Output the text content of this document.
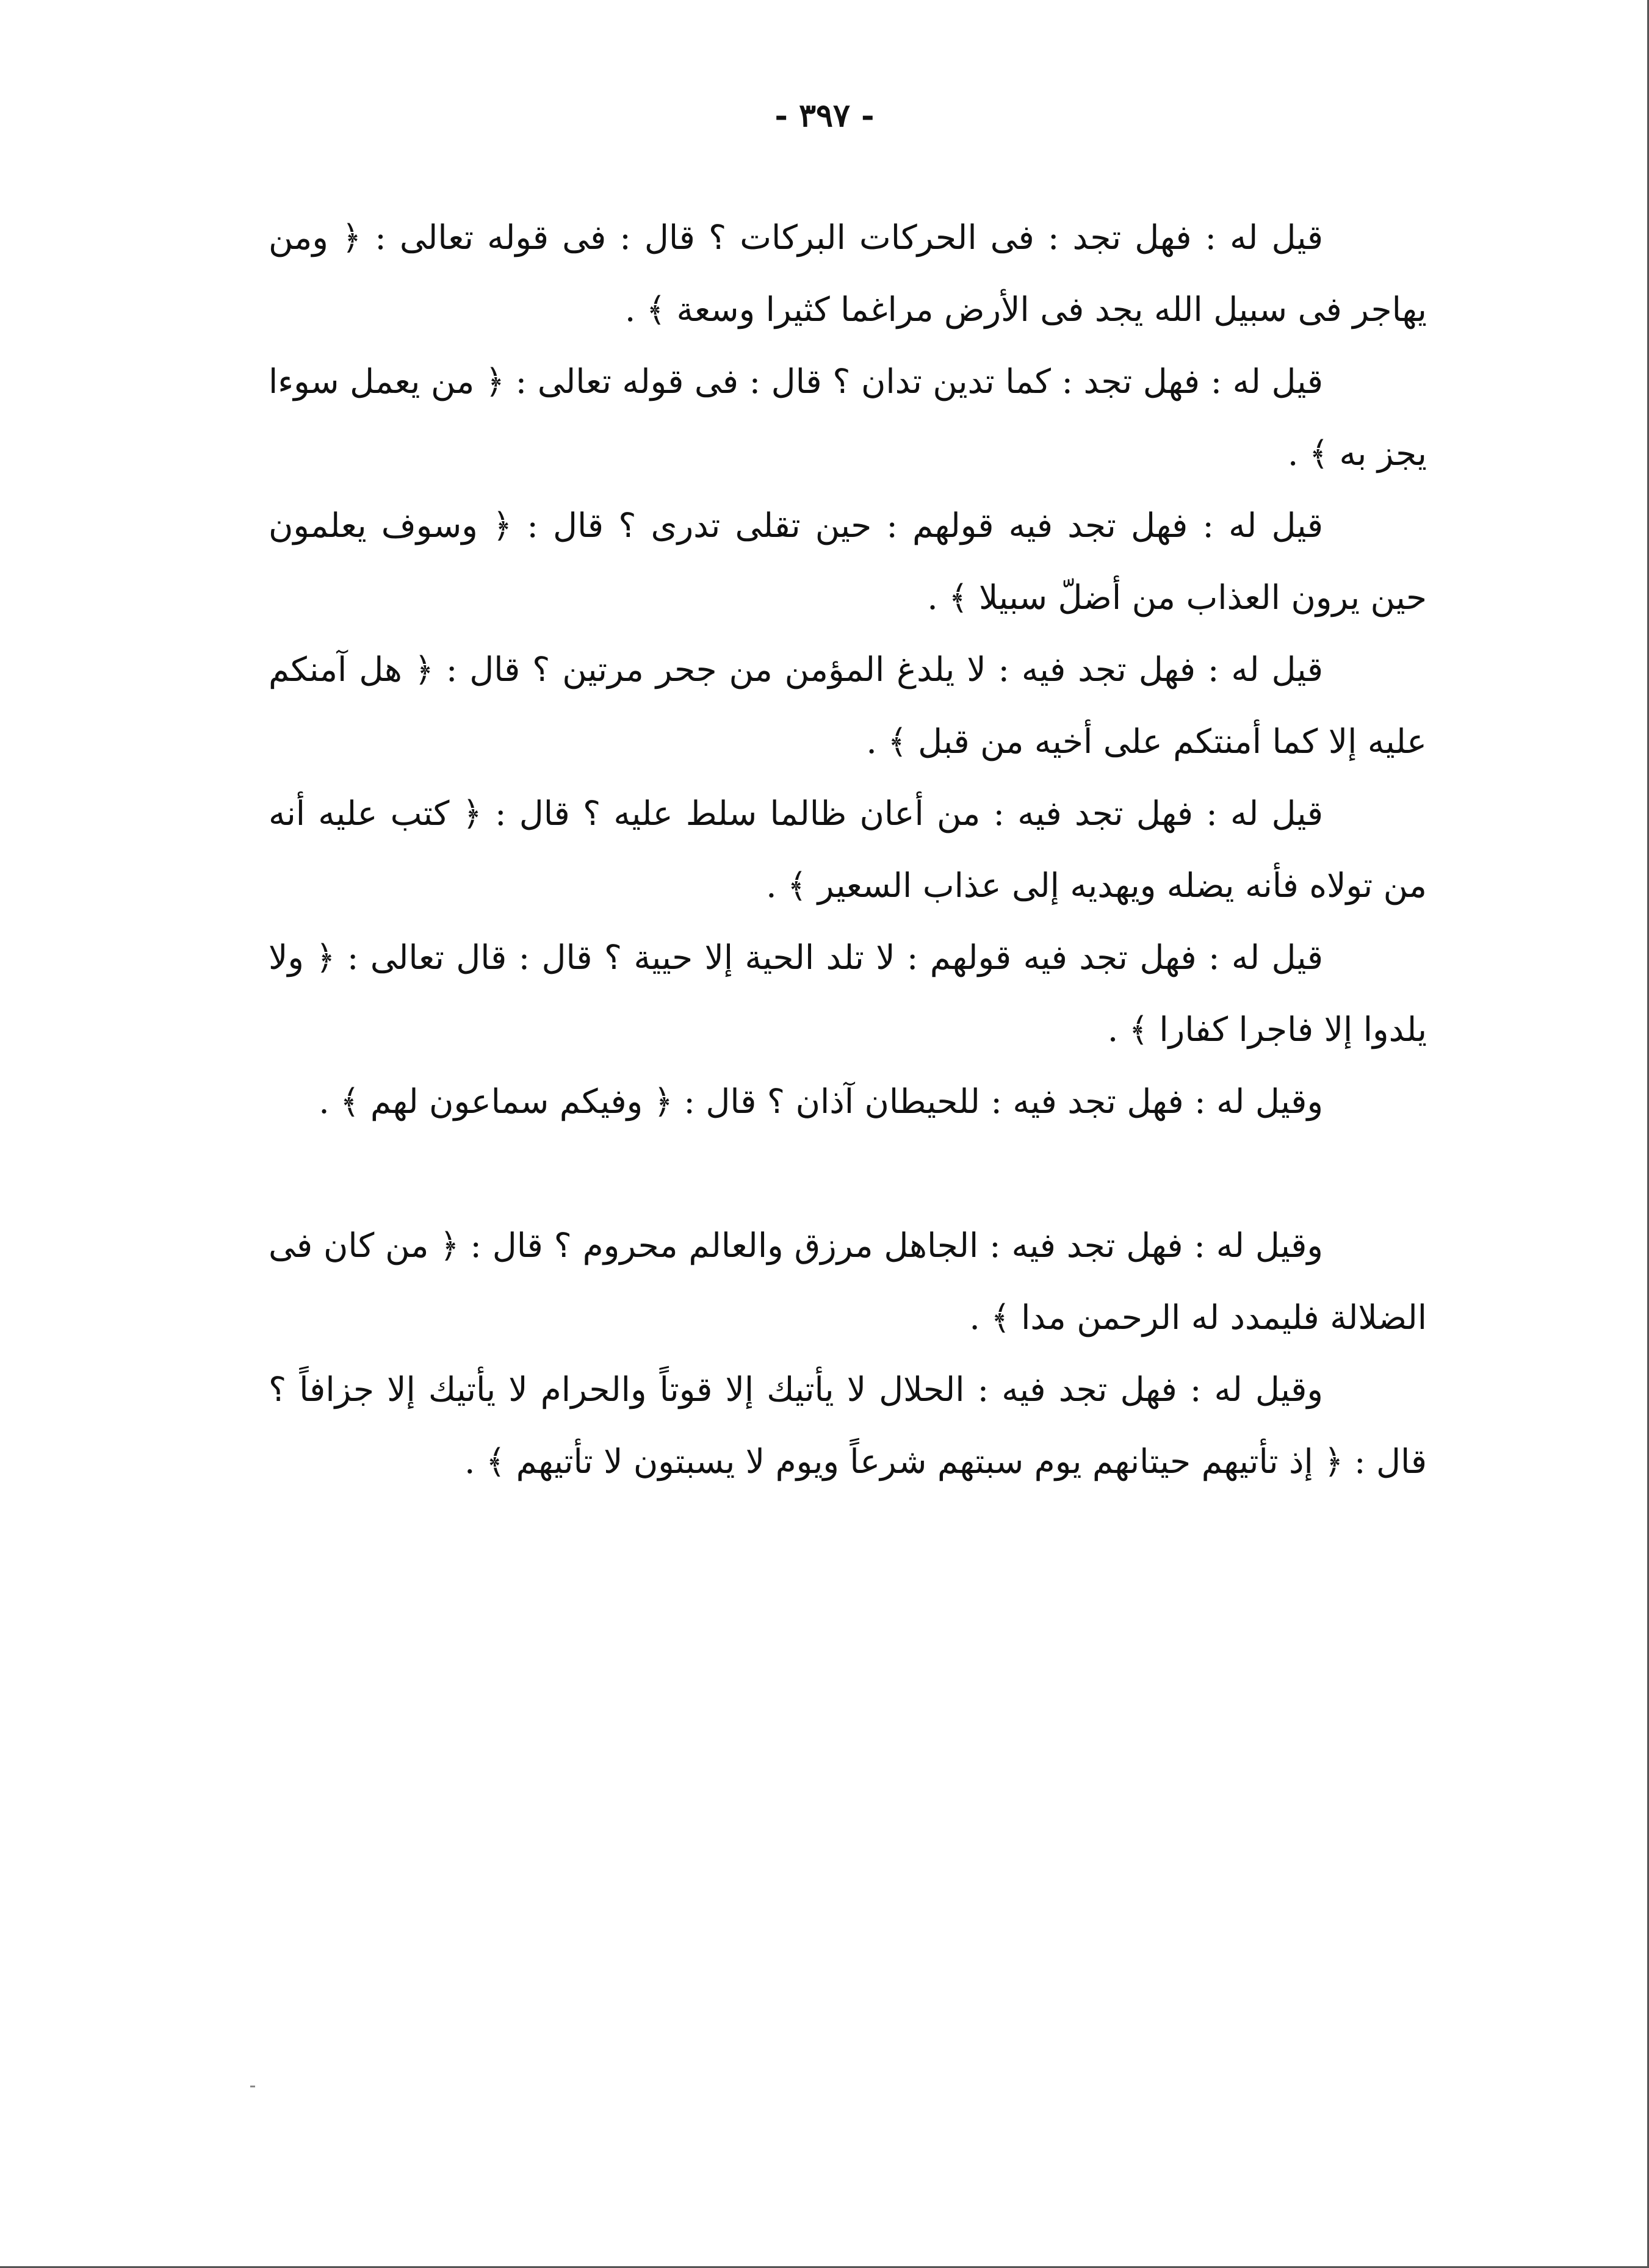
- ٣٩٧ -

قيل له : فهل تجد : فى الحركات البركات ؟ قال : فى قوله تعالى : ﴿ ومن يهاجر فى سبيل الله يجد فى الأرض مراغما كثيرا وسعة ﴾ .

قيل له : فهل تجد : كما تدين تدان ؟ قال : فى قوله تعالى : ﴿ من يعمل سوءا يجز به ﴾ .

قيل له : فهل تجد فيه قولهم : حين تقلى تدرى ؟ قال : ﴿ وسوف يعلمون حين يرون العذاب من أضلّ سبيلا ﴾ .

قيل له : فهل تجد فيه : لا يلدغ المؤمن من جحر مرتين ؟ قال : ﴿ هل آمنكم عليه إلا كما أمنتكم على أخيه من قبل ﴾ .

قيل له : فهل تجد فيه : من أعان ظالما سلط عليه ؟ قال : ﴿ كتب عليه أنه من تولاه فأنه يضله ويهديه إلى عذاب السعير ﴾ .

قيل له : فهل تجد فيه قولهم : لا تلد الحية إلا حيية ؟ قال : قال تعالى : ﴿ ولا يلدوا إلا فاجرا كفارا ﴾ .

وقيل له : فهل تجد فيه : للحيطان آذان ؟ قال : ﴿ وفيكم سماعون لهم ﴾ .

وقيل له : فهل تجد فيه : الجاهل مرزق والعالم محروم ؟ قال : ﴿ من كان فى الضلالة فليمدد له الرحمن مدا ﴾ .

وقيل له : فهل تجد فيه : الحلال لا يأتيك إلا قوتاً والحرام لا يأتيك إلا جزافاً ؟ قال : ﴿ إذ تأتيهم حيتانهم يوم سبتهم شرعاً ويوم لا يسبتون لا تأتيهم ﴾ .
